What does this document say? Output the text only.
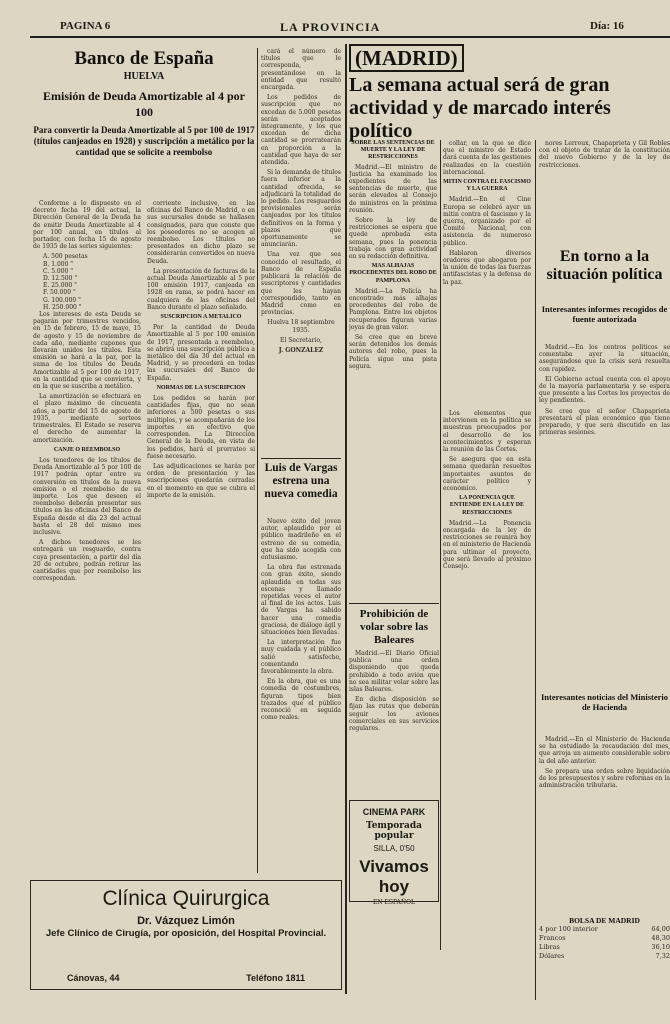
PAGINA 6	LA PROVINCIA	Día: 16
Banco de España
HUELVA
Emisión de Deuda Amortizable al 4 por 100
Para convertir la Deuda Amortizable al 5 por 100 de 1917 (títulos canjeados en 1928) y suscripción a metálico por la cantidad que se solicite a reembolso

Conforme a lo dispuesto en el decreto fecha 19 del actual, la Dirección General de la Deuda ha de emitir Deuda Amortizable al 4 por 100 anual, en títulos al portador, con fecha 15 de agosto de 1935 de las series siguientes:

A. 500 pesetas
B. 1.000 "
C. 5.000 "
D. 12.500 "
E. 25.000 "
F. 50.000 "
G. 100.000 "
H. 250.000 "

Los intereses de esta Deuda se pagarán por trimestres vencidos, en 15 de febrero, 15 de mayo, 15 de agosto y 15 de noviembre de cada año, mediante cupones que llevarán unidos los títulos. Esta emisión se hará a la par, por la suma de los títulos de Deuda Amortizable al 5 por 100 de 1917, en la cantidad que se convierta, y en la que se suscriba a metálico.

La amortización se efectuará en el plazo máximo de cincuenta años, a partir del 15 de agosto de 1935, mediante sorteos trimestrales. El Estado se reserva el derecho de aumentar la amortización.

CANJE O REEMBOLSO

Los tenedores de los títulos de Deuda Amortizable al 5 por 100 de 1917 podrán optar entre su conversión en títulos de la nueva emisión o el reembolso de su importe. Los que deseen el reembolso deberán presentar sus títulos en las oficinas del Banco de España desde el día 23 del actual hasta el 28 del mismo mes inclusive.

A dichos tenedores se les entregará un resguardo, contra cuya presentación, a partir del día 20 de octubre, podrán retirar las cantidades que por reembolso les correspondan.

corriente inclusive, en las oficinas del Banco de Madrid, o en sus sucursales donde se hallasen consignados, para que conste que los poseedores no se acogen al reembolso. Los títulos no presentados en dicho plazo se considerarán convertidos en nueva Deuda.

La presentación de facturas de la actual Deuda Amortizable al 5 por 100 emisión 1917, canjeada en 1928 en rama, se podrá hacer en cualquiera de las oficinas del Banco durante el plazo señalado.

SUSCRIPCION A METALICO

Por la cantidad de Deuda Amortizable al 5 por 100 emisión de 1917, presentada a reembolso, se abrirá una suscripción pública a metálico del día 30 del actual en Madrid, y se procederá en todas las sucursales del Banco de España.

NORMAS DE LA SUSCRIPCION

Los pedidos se harán por cantidades fijas, que no sean inferiores a 500 pesetas o sus múltiplos, y se acompañarán de los importes en efectivo que corresponden. La Dirección General de la Deuda, en vista de los pedidos, hará el prorrateo si fuese necesario.

Las adjudicaciones se harán por orden de presentación y las suscripciones quedarán cerradas en el momento en que se cubra el importe de la emisión.

cará el número de títulos que le corresponda, presentándose en la entidad que resultó encargada.

Los pedidos de suscripción que no excedan de 5.000 pesetas serán aceptados íntegramente, y los que excedan de dicha cantidad se prorratearán en proporción a la cantidad que haya de ser atendida.

Si la demanda de títulos fuera inferior a la cantidad ofrecida, se adjudicará la totalidad de lo pedido. Los resguardos provisionales serán canjeados por los títulos definitivos en la forma y plazos que oportunamente se anunciarán.

Una vez que sea conocido el resultado, el Banco de España publicará la relación de suscriptores y cantidades que les hayan correspondido, tanto en Madrid como en provincias.

Huelva 18 septiembre 1935.

El Secretario,

J. GONZALEZ

Luis de Vargas estrena una nueva comedia

Nuevo éxito del joven autor, aplaudido por el público madrileño en el estreno de su comedia, que ha sido acogida con entusiasmo.

La obra fue estrenada con gran éxito, siendo aplaudida en todas sus escenas y llamado repetidas veces el autor al final de los actos. Luis de Vargas ha sabido hacer una comedia graciosa, de diálogo ágil y situaciones bien llevadas.

La interpretación fue muy cuidada y el público salió satisfecho, comentando favorablemente la obra.

En la obra, que es una comedia de costumbres, figuran tipos bien trazados que el público reconoció en seguida como reales.

(MADRID)
La semana actual será de gran actividad y de marcado interés político
SOBRE LAS SENTENCIAS DE MUERTE Y LA LEY DE RESTRICCIONES

Madrid.—El ministro de Justicia ha examinado los expedientes de las sentencias de muerte, que serán elevados al Consejo de ministros en la próxima reunión.

Sobre la ley de restricciones se espera que quede aprobada esta semana, pues la ponencia trabaja con gran actividad en su redacción definitiva.

MAS ALHAJAS PROCEDENTES DEL ROBO DE PAMPLONA

Madrid.—La Policía ha encontrado más alhajas procedentes del robo de Pamplona. Entre los objetos recuperados figuran varias joyas de gran valor.

Se cree que en breve serán detenidos los demás autores del robo, pues la Policía sigue una pista segura.

collar, en la que se dice que el ministro de Estado dará cuenta de las gestiones realizadas en la cuestión internacional.

MITIN CONTRA EL FASCISMO Y LA GUERRA

Madrid.—En el Cine Europa se celebró ayer un mitin contra el fascismo y la guerra, organizado por el Comité Nacional, con asistencia de numeroso público.

Hablaron diversos oradores que abogaron por la unión de todas las fuerzas antifascistas y la defensa de la paz.

Prohibición de volar sobre las Baleares

Madrid.—El Diario Oficial publica una orden disponiendo que queda prohibido a todo avión que no sea militar volar sobre las islas Baleares.

En dicha disposición se fijan las rutas que deberán seguir los aviones comerciales en sus servicios regulares.

CINEMA PARK
Temporada popular
SILLA, 0'50
Vivamos hoy
EN ESPAÑOL

Los elementos que intervienen en la política se muestran preocupados por el desarrollo de los acontecimientos y esperan la reunión de las Cortes.

Se asegura que en esta semana quedarán resueltos importantes asuntos de carácter político y económico.

LA PONENCIA QUE ENTIENDE EN LA LEY DE RESTRICCIONES

Madrid.—La Ponencia encargada de la ley de restricciones se reunirá hoy en el ministerio de Hacienda para ultimar el proyecto, que será llevado al próximo Consejo.

nores Lerroux, Chapaprieta y Gil Robles con el objeto de tratar de la constitución del nuevo Gobierno y de la ley de restricciones.

En torno a la situación política
Interesantes informes recogidos de fuente autorizada

Madrid.—En los centros políticos se comentaba ayer la situación, asegurándose que la crisis será resuelta con rapidez.

El Gobierno actual cuenta con el apoyo de la mayoría parlamentaria y se espera que presente a las Cortes los proyectos de ley pendientes.

Se cree que el señor Chapaprieta presentará el plan económico que tiene preparado, y que será discutido en las primeras sesiones.

Interesantes noticias del Ministerio de Hacienda

Madrid.—En el Ministerio de Hacienda se ha estudiado la recaudación del mes, que arroja un aumento considerable sobre la del año anterior.

Se prepara una orden sobre liquidación de los presupuestos y sobre reformas en la administración tributaria.

BOLSA DE MADRID
4 por 100 interior	64,00
Francos	48,30
Libras	36,10
Dólares	7,32
Clínica Quirurgica
Dr. Vázquez Limón
Jefe Clínico de Cirugía, por oposición, del Hospital Provincial.
Cánovas, 44	Teléfono 1811
